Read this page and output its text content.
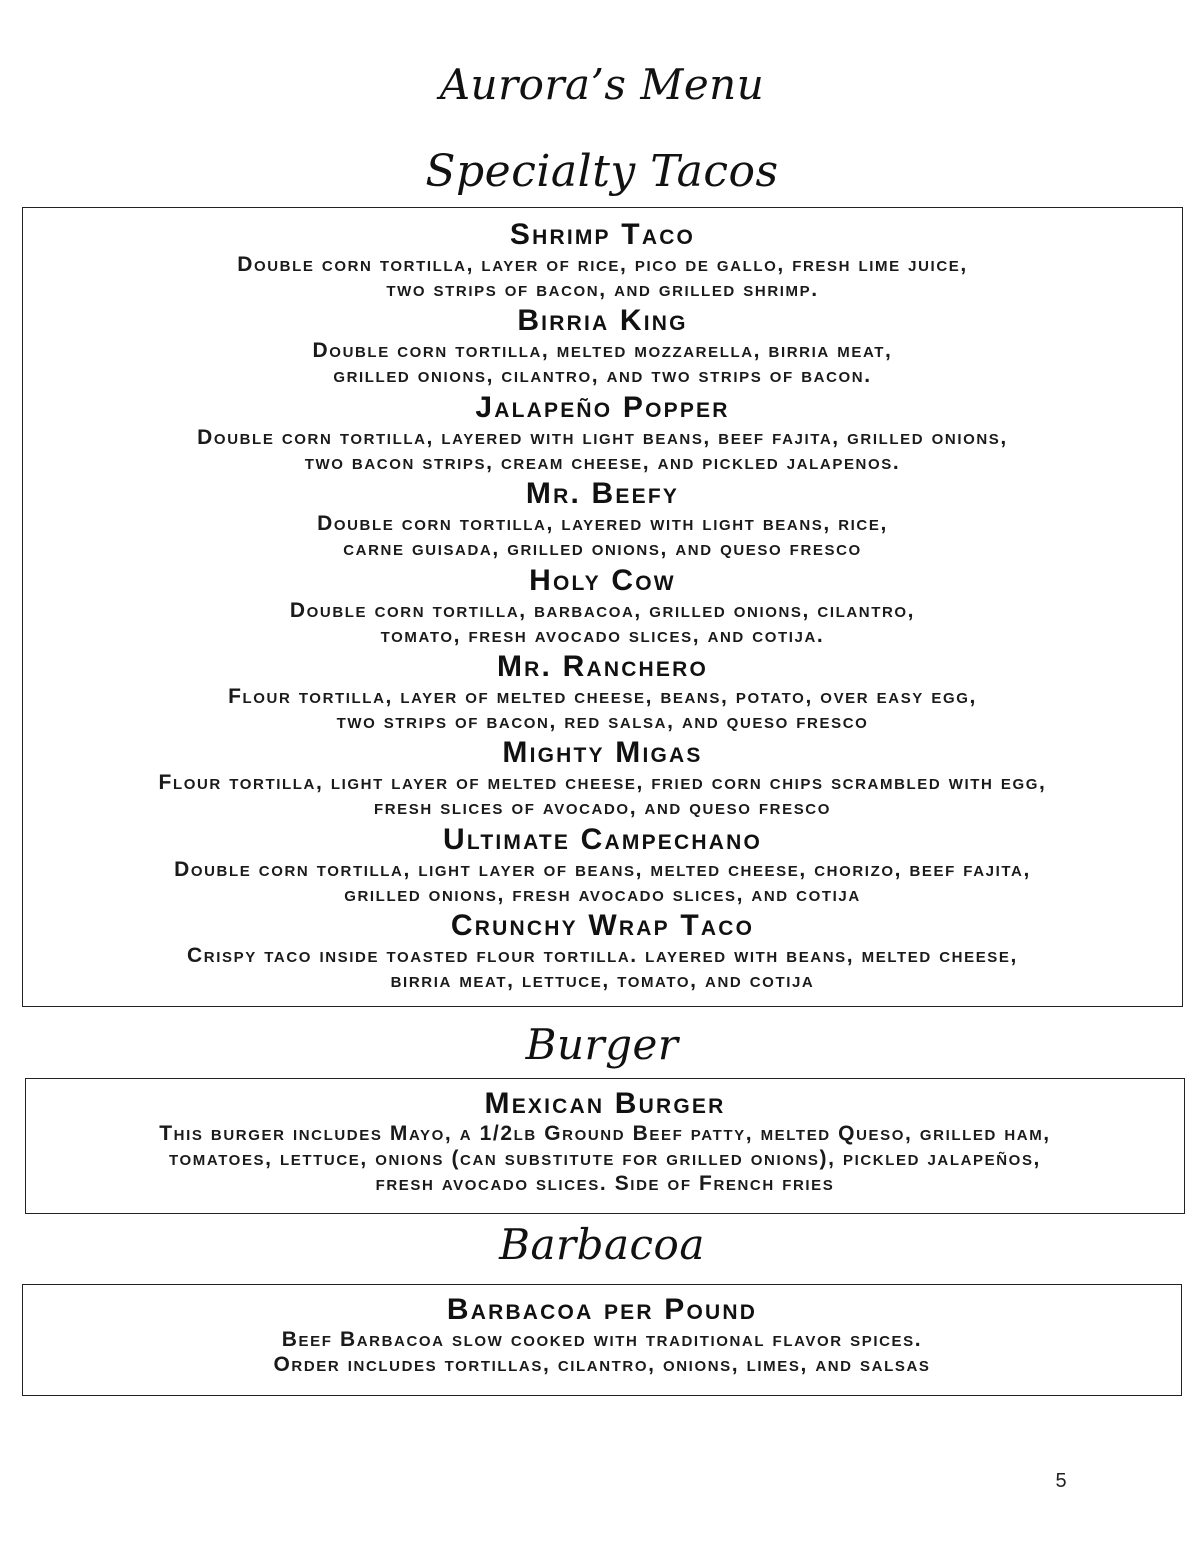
Aurora’s Menu
Specialty Tacos

Shrimp Taco

Double corn tortilla, layer of rice, pico de gallo, fresh lime juice,

two strips of bacon, and grilled shrimp.

Birria King

Double corn tortilla, melted mozzarella, birria meat,

grilled onions, cilantro, and two strips of bacon.

Jalapeño Popper

Double corn tortilla, layered with light beans, beef fajita, grilled onions,

two bacon strips, cream cheese, and pickled jalapenos.

Mr. Beefy

Double corn tortilla, layered with light beans, rice,

carne guisada, grilled onions, and queso fresco

Holy Cow

Double corn tortilla, barbacoa, grilled onions, cilantro,

tomato, fresh avocado slices, and cotija.

Mr. Ranchero

Flour tortilla, layer of melted cheese, beans, potato, over easy egg,

two strips of bacon, red salsa, and queso fresco

Mighty Migas

Flour tortilla, light layer of melted cheese, fried corn chips scrambled with egg,

fresh slices of avocado, and queso fresco

Ultimate Campechano

Double corn tortilla, light layer of beans, melted cheese, chorizo, beef fajita,

grilled onions, fresh avocado slices, and cotija

Crunchy Wrap Taco

Crispy taco inside toasted flour tortilla. layered with beans, melted cheese,

birria meat, lettuce, tomato, and cotija

Burger

Mexican Burger

This burger includes Mayo, a 1/2lb Ground Beef patty, melted Queso, grilled ham,

tomatoes, lettuce, onions (can substitute for grilled onions), pickled jalapeños,

fresh avocado slices. Side of French fries

Barbacoa

Barbacoa per Pound

Beef Barbacoa slow cooked with traditional flavor spices.

Order includes tortillas, cilantro, onions, limes, and salsas

5
